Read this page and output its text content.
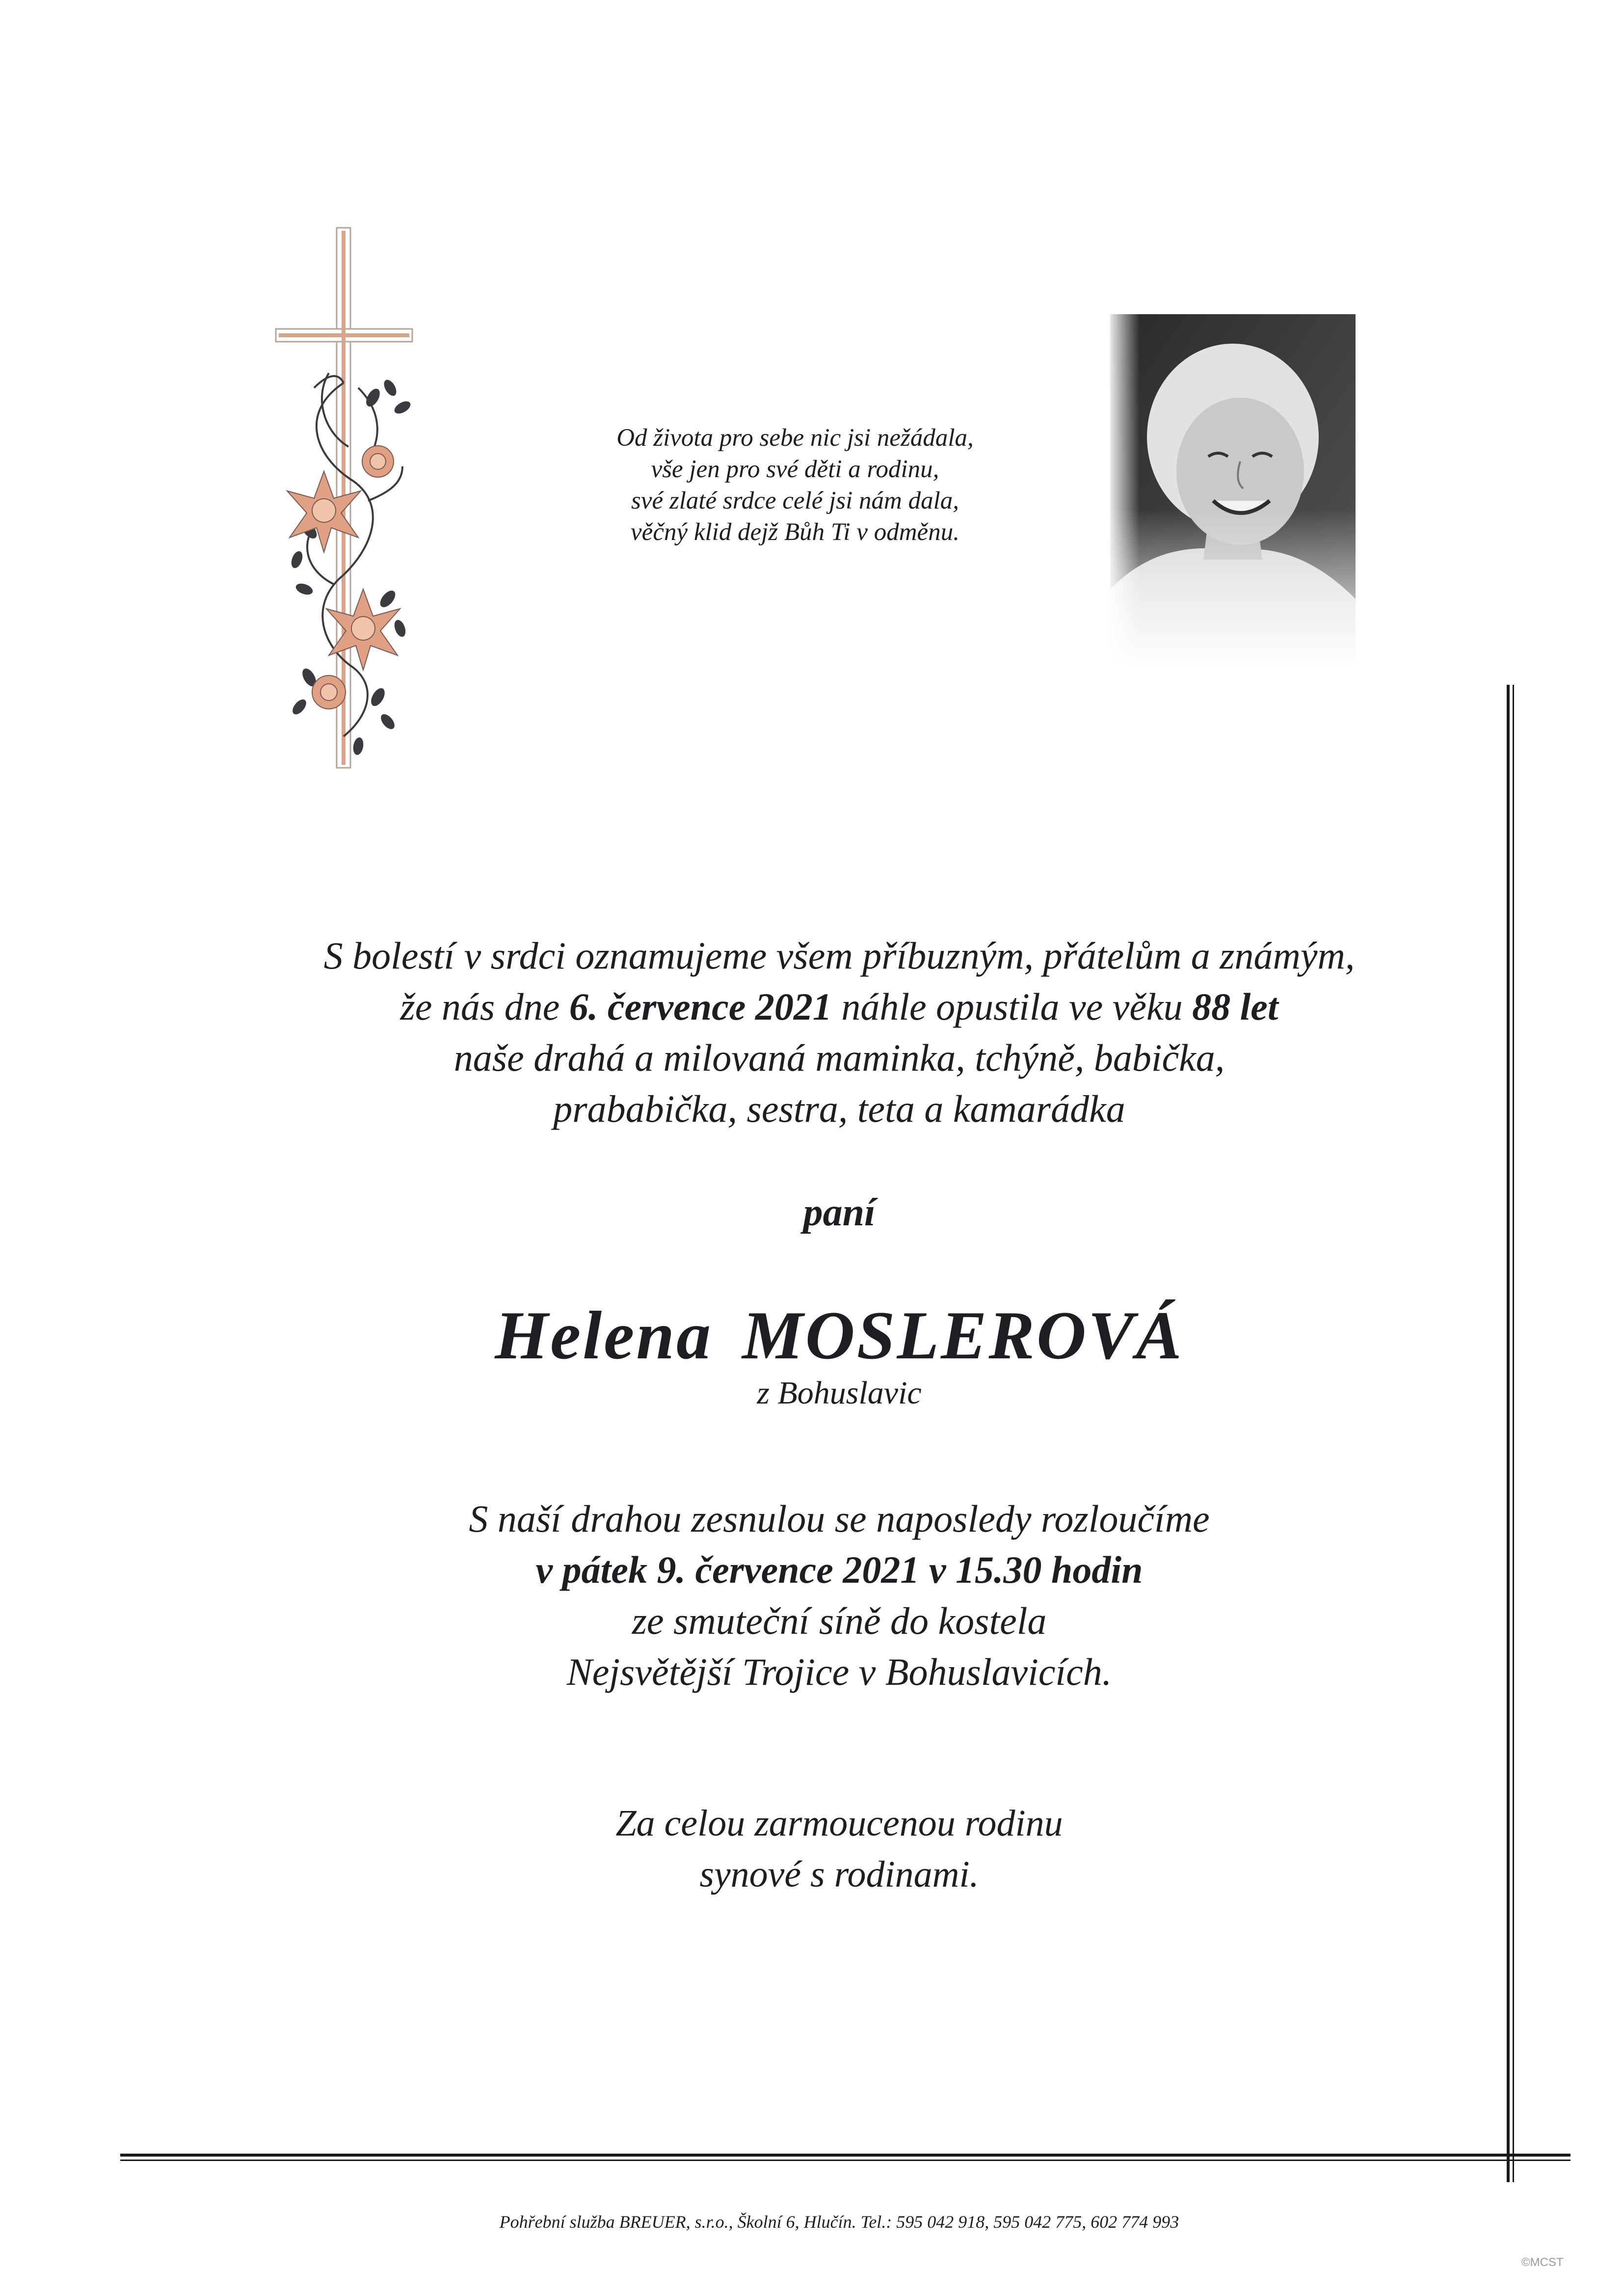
Od života pro sebe nic jsi nežádala,
vše jen pro své děti a rodinu,
své zlaté srdce celé jsi nám dala,
věčný klid dejž Bůh Ti v odměnu.
S bolestí v srdci oznamujeme všem příbuzným, přátelům a známým,
že nás dne 6. července 2021 náhle opustila ve věku 88 let
naše drahá a milovaná maminka, tchýně, babička,
prababička, sestra, teta a kamarádka
paní
Helena MOSLEROVÁ
z Bohuslavic
S naší drahou zesnulou se naposledy rozloučíme
v pátek 9. července 2021 v 15.30 hodin
ze smuteční síně do kostela
Nejsvětější Trojice v Bohuslavicích.
Za celou zarmoucenou rodinu
synové s rodinami.
Pohřební služba BREUER, s.r.o., Školní 6, Hlučín. Tel.: 595 042 918, 595 042 775, 602 774 993
©MCST
